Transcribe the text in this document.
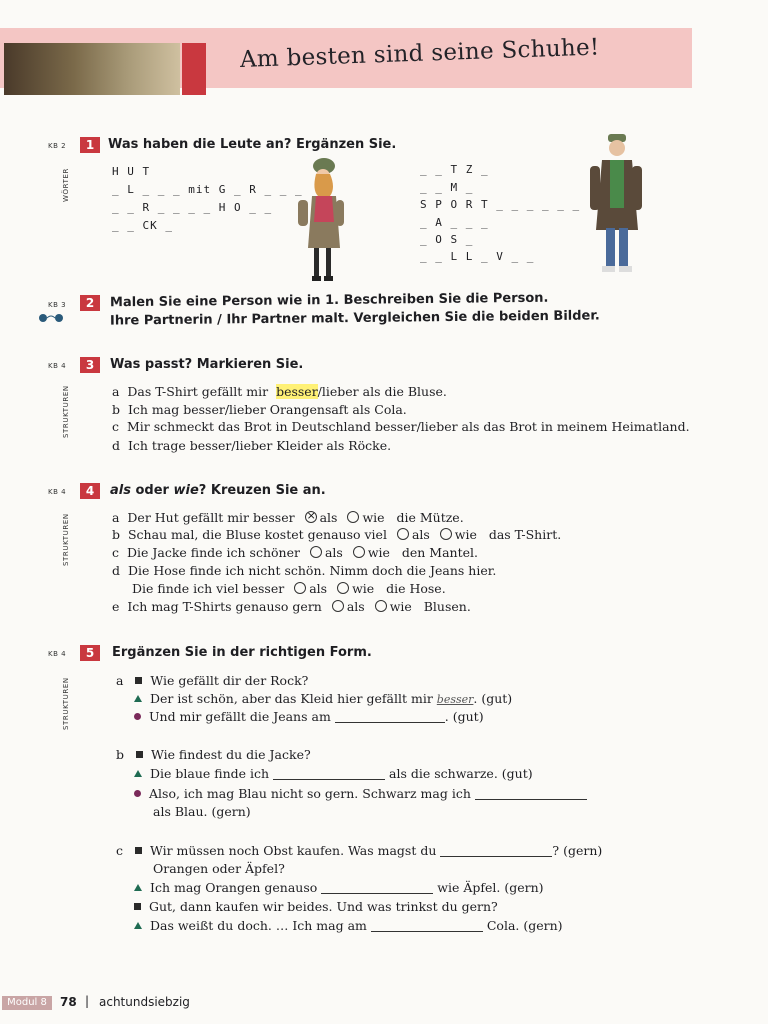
Am besten sind seine Schuhe!
KB 2	1	Was haben die Leute an? Ergänzen Sie.
WÖRTER	H U T
_ L _ _ _ mit G _ R _ _ _
_ _ R _ _ _ _ H O _ _
_ _ CK _
_ _ T Z _
_ _ M _
S P O R T _ _ _ _ _ _
_ A _ _ _
_ O S _
_ _ L L _ V _ _
KB 3	2	Malen Sie eine Person wie in 1. Beschreiben Sie die Person.
Ihre Partnerin / Ihr Partner malt. Vergleichen Sie die beiden Bilder.
KB 4	3	Was passt? Markieren Sie.
STRUKTUREN	a Das T-Shirt gefällt mir besser/lieber als die Bluse.
b Ich mag besser/lieber Orangensaft als Cola.
c Mir schmeckt das Brot in Deutschland besser/lieber als das Brot in meinem Heimatland.
d Ich trage besser/lieber Kleider als Röcke.
KB 4	4	als oder wie? Kreuzen Sie an.
STRUKTUREN	a Der Hut gefällt mir besser × als wie die Mütze.
b Schau mal, die Bluse kostet genauso viel als wie das T-Shirt.
c Die Jacke finde ich schöner als wie den Mantel.
d Die Hose finde ich nicht schön. Nimm doch die Jeans hier.
Die finde ich viel besser als wie die Hose.
e Ich mag T-Shirts genauso gern als wie Blusen.
KB 4	5	Ergänzen Sie in der richtigen Form.
STRUKTUREN	a Wie gefällt dir der Rock?
Der ist schön, aber das Kleid hier gefällt mir besser. (gut)
Und mir gefällt die Jeans am	. (gut)
b Wie findest du die Jacke?
Die blaue finde ich	als die schwarze. (gut)
Also, ich mag Blau nicht so gern. Schwarz mag ich
als Blau. (gern)
c Wir müssen noch Obst kaufen. Was magst du	? (gern)
Orangen oder Äpfel?
Ich mag Orangen genauso	wie Äpfel. (gern)
Gut, dann kaufen wir beides. Und was trinkst du gern?
Das weißt du doch. … Ich mag am	Cola. (gern)
Modul 8	78 | achtundsiebzig
